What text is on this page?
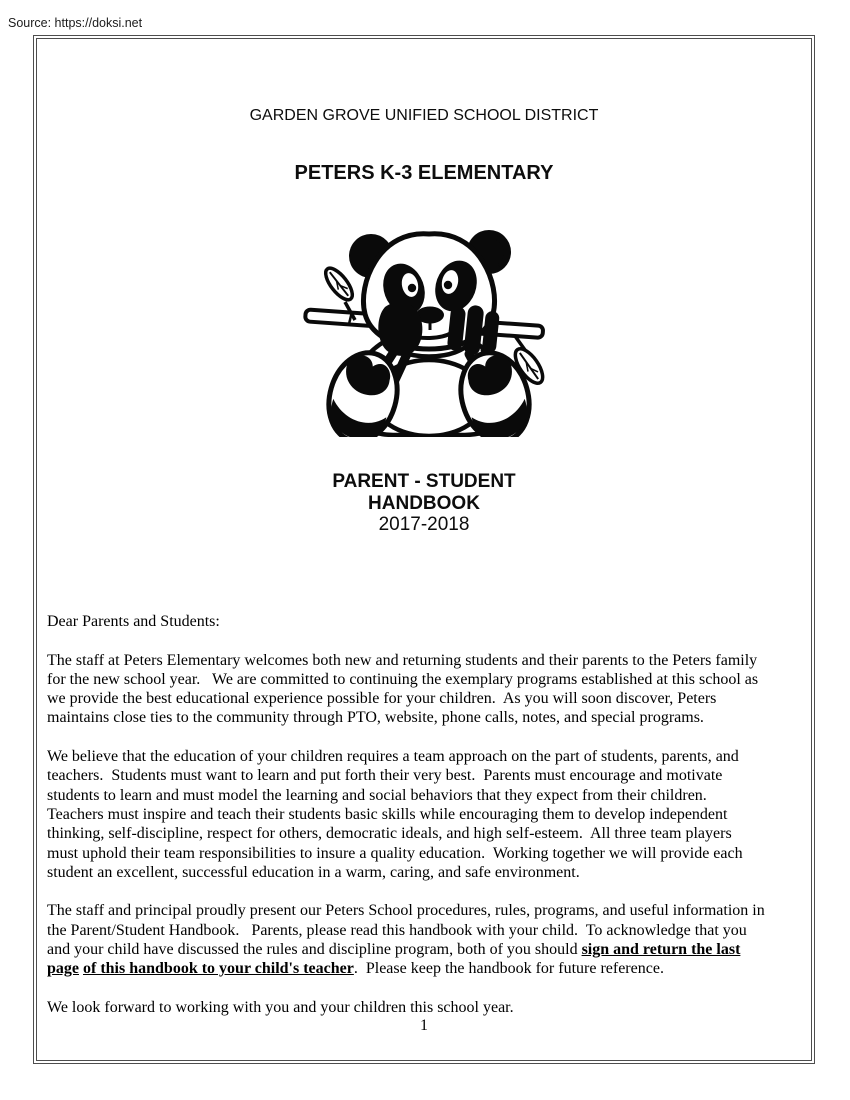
Source: https://doksi.net
GARDEN GROVE UNIFIED SCHOOL DISTRICT
PETERS K-3 ELEMENTARY
PARENT - STUDENT
HANDBOOK
2017-2018
Dear Parents and Students:
The staff at Peters Elementary welcomes both new and returning students and their parents to the Peters family
for the new school year.   We are committed to continuing the exemplary programs established at this school as
we provide the best educational experience possible for your children.  As you will soon discover, Peters
maintains close ties to the community through PTO, website, phone calls, notes, and special programs.
We believe that the education of your children requires a team approach on the part of students, parents, and
teachers.  Students must want to learn and put forth their very best.  Parents must encourage and motivate
students to learn and must model the learning and social behaviors that they expect from their children.
Teachers must inspire and teach their students basic skills while encouraging them to develop independent
thinking, self-discipline, respect for others, democratic ideals, and high self-esteem.  All three team players
must uphold their team responsibilities to insure a quality education.  Working together we will provide each
student an excellent, successful education in a warm, caring, and safe environment.
The staff and principal proudly present our Peters School procedures, rules, programs, and useful information in
the Parent/Student Handbook.   Parents, please read this handbook with your child.  To acknowledge that you
and your child have discussed the rules and discipline program, both of you should sign and return the last
page of this handbook to your child's teacher.  Please keep the handbook for future reference.
We look forward to working with you and your children this school year.
1
